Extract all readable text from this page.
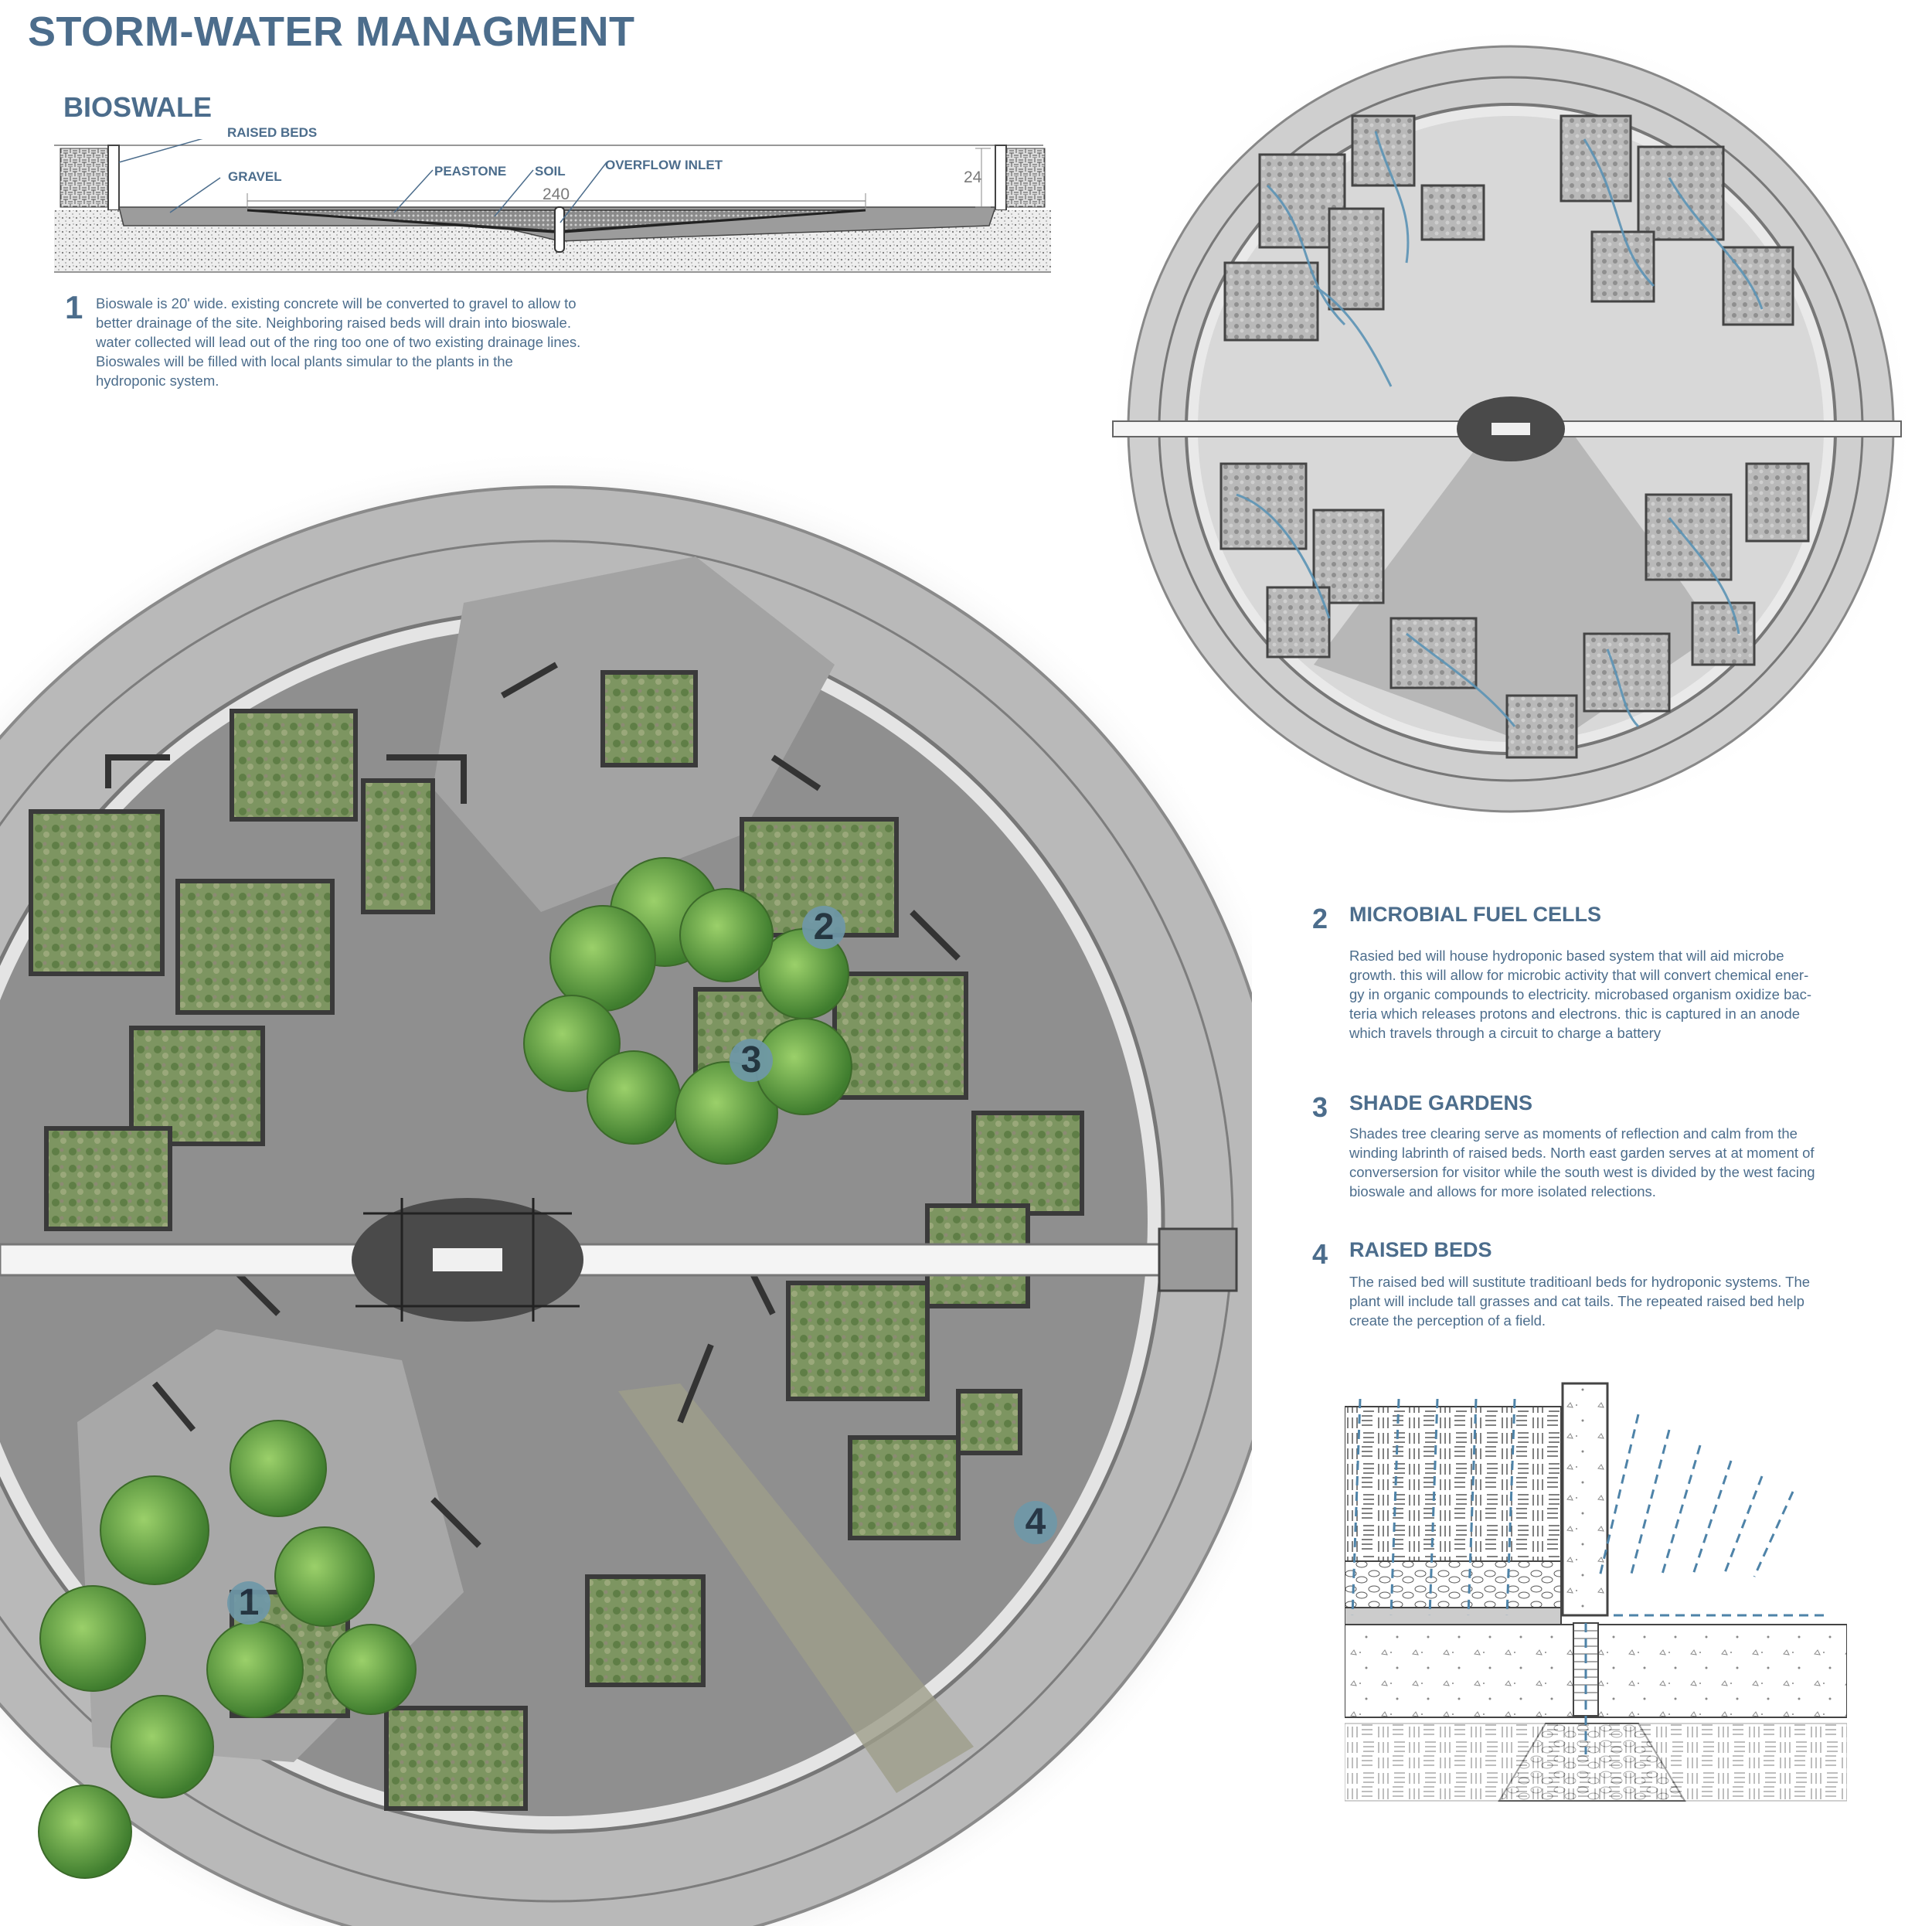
STORM-WATER MANAGMENT
BIOSWALE
RAISED BEDS
GRAVEL	PEASTONE SOIL	OVERFLOW INLET
240
24
1 Bioswale is 20' wide. existing concrete will be converted to gravel to allow to
better drainage of the site. Neighboring raised beds will drain into bioswale.
water collected will lead out of the ring too one of two existing drainage lines.
Bioswales will be filled with local plants simular to the plants in the
hydroponic system.
2
3
4
1
2 MICROBIAL FUEL CELLS
Rasied bed will house hydroponic based system that will aid microbe
growth. this will allow for microbic activity that will convert chemical ener-
gy in organic compounds to electricity. microbased organism oxidize bac-
teria which releases protons and electrons. thic is captured in an anode
which travels through a circuit to charge a battery
3 SHADE GARDENS
Shades tree clearing serve as moments of reflection and calm from the
winding labrinth of raised beds. North east garden serves at at moment of
conversersion for visitor while the south west is divided by the west facing
bioswale and allows for more isolated relections.
4 RAISED BEDS
The raised bed will sustitute traditioanl beds for hydroponic systems. The
plant will include tall grasses and cat tails. The repeated raised bed help
create the perception of a field.
